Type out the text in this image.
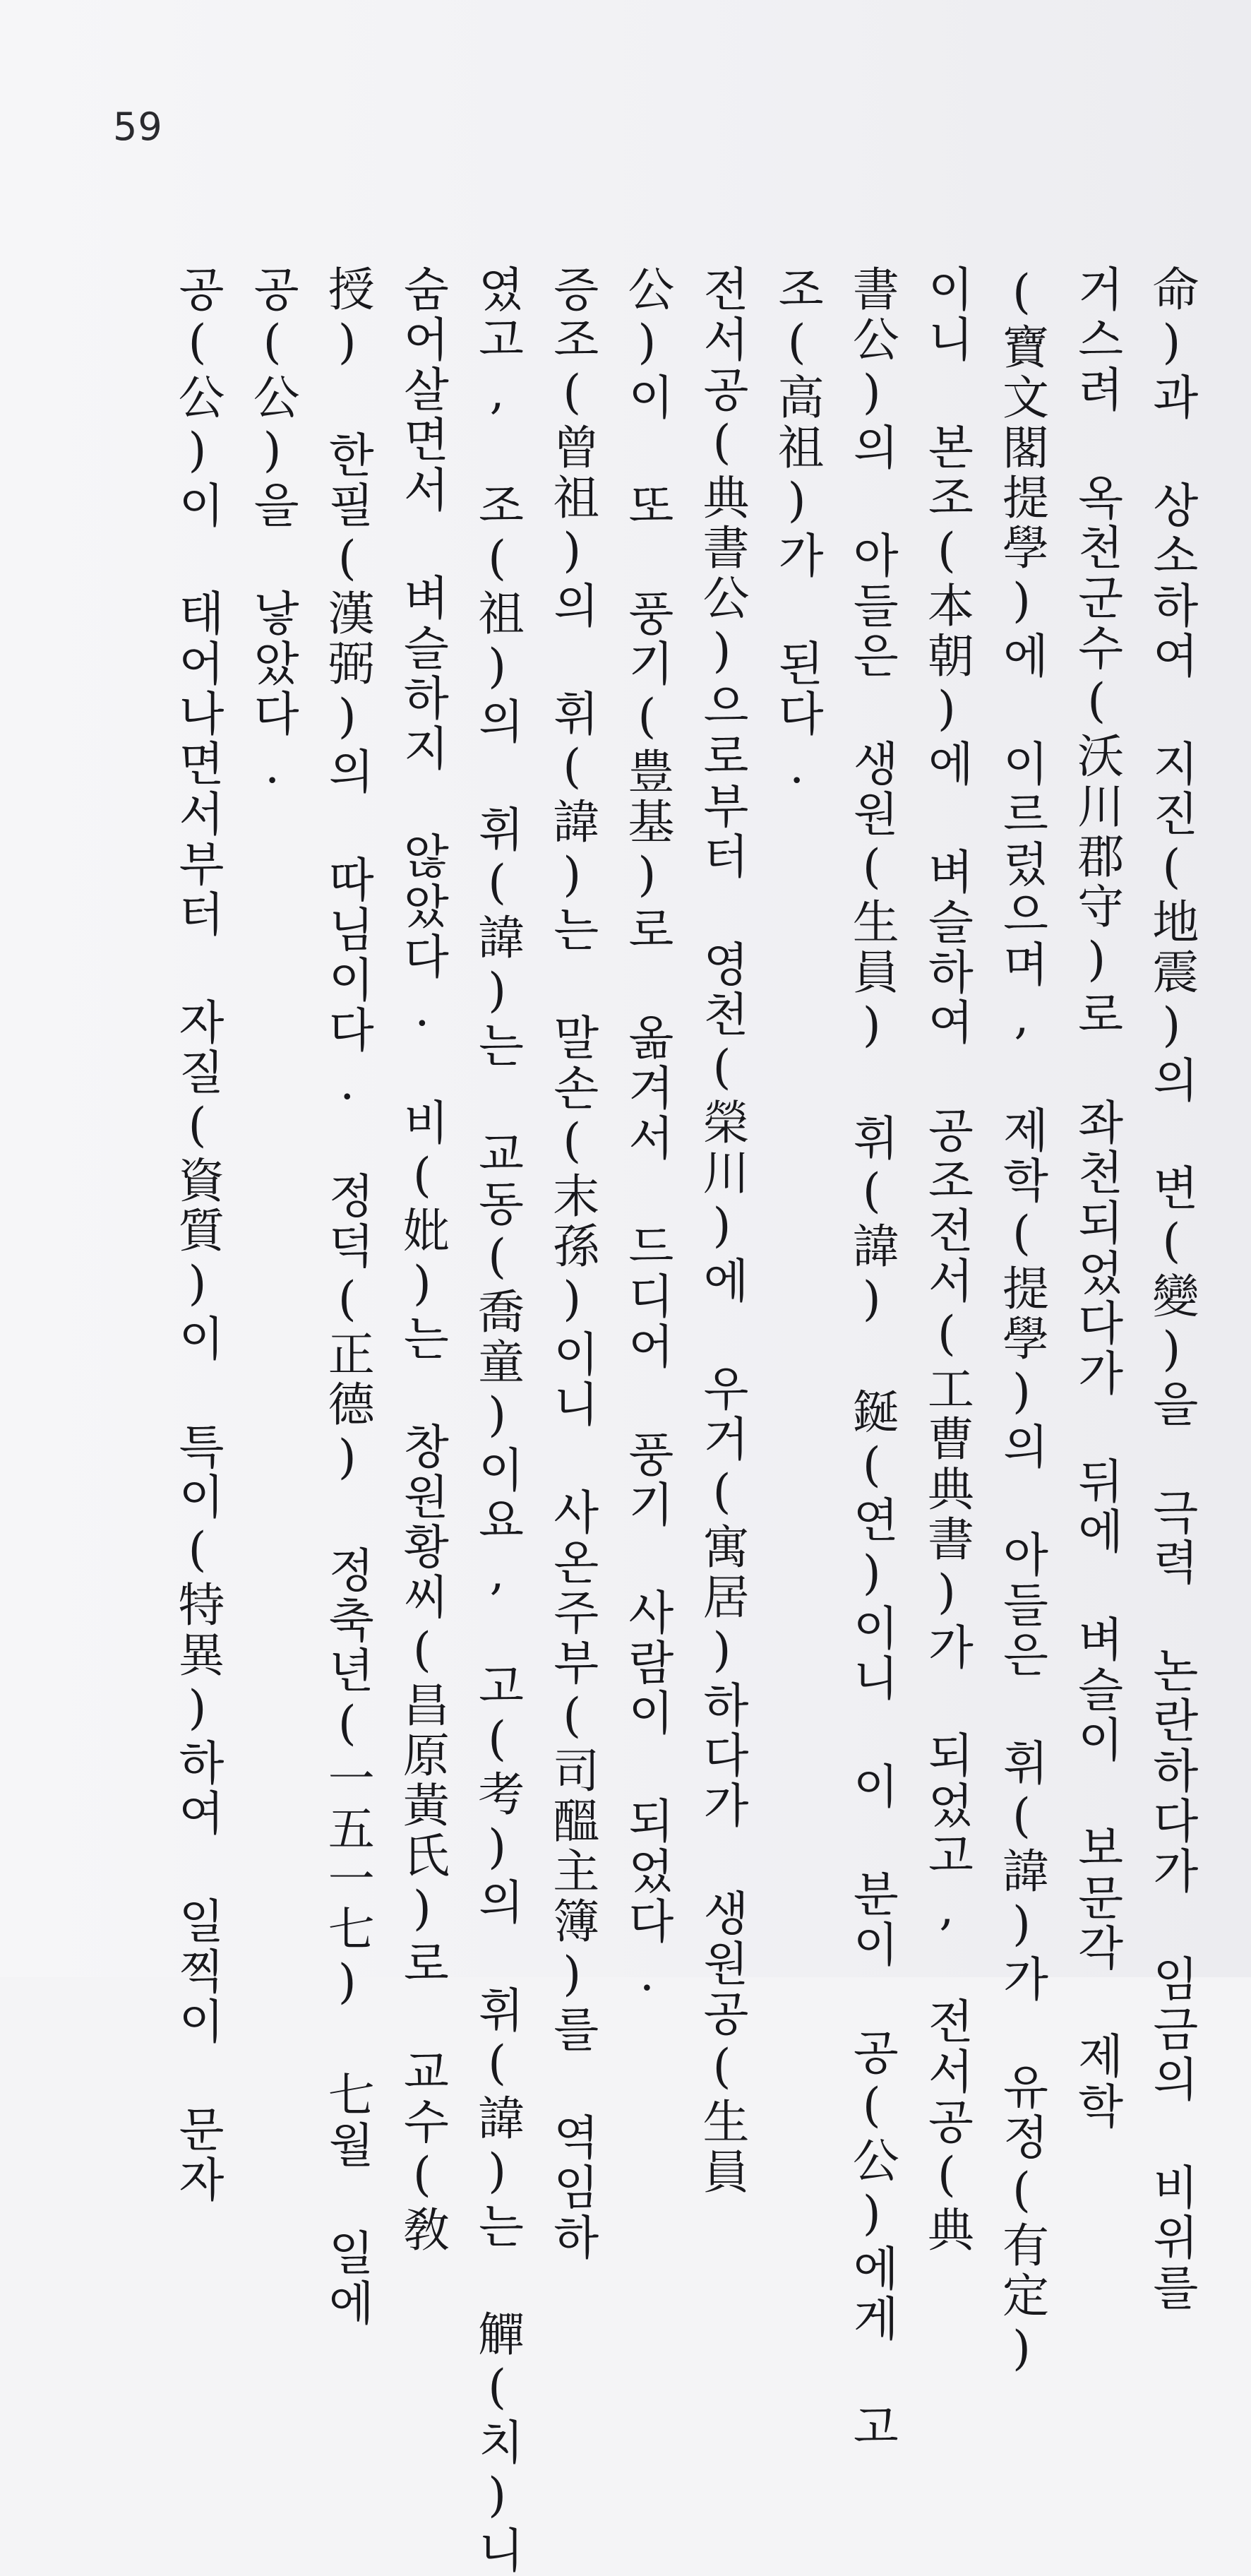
59
命)과 상소하여 지진(地震)의 변(變)을 극력 논란하다가 임금의 비위를
거스려 옥천군수(沃川郡守)로 좌천되었다가 뒤에 벼슬이 보문각 제학
(寶文閣提學)에 이르렀으며, 제학(提學)의 아들은 휘(諱)가 유정(有定)
이니 본조(本朝)에 벼슬하여 공조전서(工曹典書)가 되었고, 전서공(典
書公)의 아들은 생원(生員) 휘(諱) 鋋(연)이니 이 분이 공(公)에게 고
조(高祖)가 된다.
전서공(典書公)으로부터 영천(榮川)에 우거(寓居)하다가 생원공(生員
公)이 또 풍기(豊基)로 옮겨서 드디어 풍기 사람이 되었다.
증조(曾祖)의 휘(諱)는 말손(末孫)이니 사온주부(司醞主簿)를 역임하
였고, 조(祖)의 휘(諱)는 교동(喬童)이요, 고(考)의 휘(諱)는 觶(치)니
숨어살면서 벼슬하지 않았다. 비(妣)는 창원황씨(昌原黃氏)로 교수(敎
授) 한필(漢弼)의 따님이다. 정덕(正德) 정축년(一五一七) 七월 일에
공(公)을 낳았다.
공(公)이 태어나면서부터 자질(資質)이 특이(特異)하여 일찍이 문자
